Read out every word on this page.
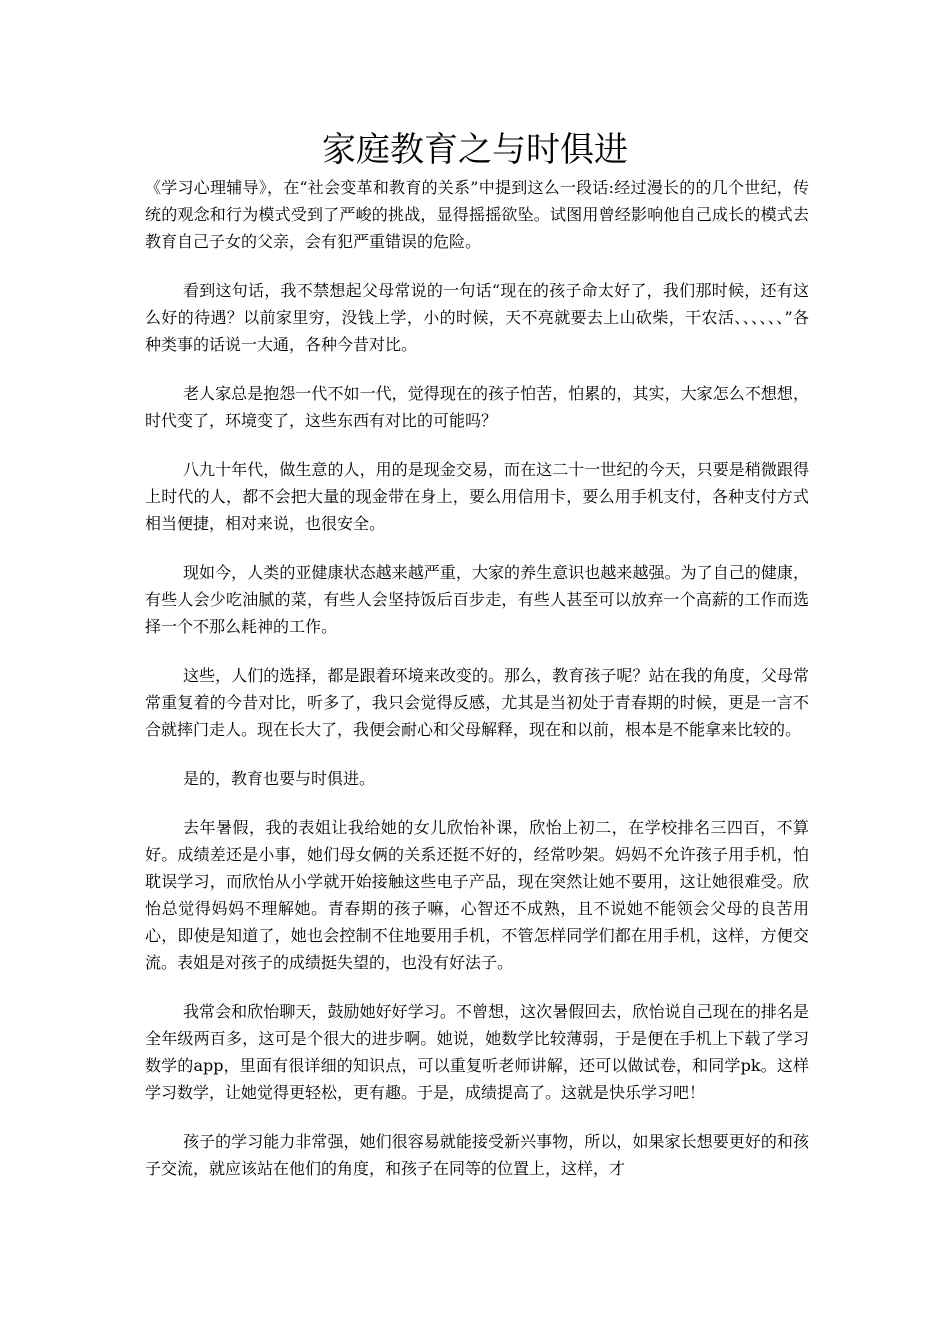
家庭教育之与时俱进

《学习心理辅导》，在“社会变革和教育的关系”中提到这么一段话:经过漫长的的几个世纪，传统的观念和行为模式受到了严峻的挑战，显得摇摇欲坠。试图用曾经影响他自己成长的模式去教育自己子女的父亲，会有犯严重错误的危险。

看到这句话，我不禁想起父母常说的一句话“现在的孩子命太好了，我们那时候，还有这么好的待遇？以前家里穷，没钱上学，小的时候，天不亮就要去上山砍柴，干农活、、、、、、”各种类事的话说一大通，各种今昔对比。

老人家总是抱怨一代不如一代，觉得现在的孩子怕苦，怕累的，其实，大家怎么不想想，时代变了，环境变了，这些东西有对比的可能吗？

八九十年代，做生意的人，用的是现金交易，而在这二十一世纪的今天，只要是稍微跟得上时代的人，都不会把大量的现金带在身上，要么用信用卡，要么用手机支付，各种支付方式相当便捷，相对来说，也很安全。

现如今，人类的亚健康状态越来越严重，大家的养生意识也越来越强。为了自己的健康，有些人会少吃油腻的菜，有些人会坚持饭后百步走，有些人甚至可以放弃一个高薪的工作而选择一个不那么耗神的工作。

这些，人们的选择，都是跟着环境来改变的。那么，教育孩子呢？站在我的角度，父母常常重复着的今昔对比，听多了，我只会觉得反感，尤其是当初处于青春期的时候，更是一言不合就摔门走人。现在长大了，我便会耐心和父母解释，现在和以前，根本是不能拿来比较的。

是的，教育也要与时俱进。

去年暑假，我的表姐让我给她的女儿欣怡补课，欣怡上初二，在学校排名三四百，不算好。成绩差还是小事，她们母女俩的关系还挺不好的，经常吵架。妈妈不允许孩子用手机，怕耽误学习，而欣怡从小学就开始接触这些电子产品，现在突然让她不要用，这让她很难受。欣怡总觉得妈妈不理解她。青春期的孩子嘛，心智还不成熟，且不说她不能领会父母的良苦用心，即使是知道了，她也会控制不住地要用手机，不管怎样同学们都在用手机，这样，方便交流。表姐是对孩子的成绩挺失望的，也没有好法子。

我常会和欣怡聊天，鼓励她好好学习。不曾想，这次暑假回去，欣怡说自己现在的排名是全年级两百多，这可是个很大的进步啊。她说，她数学比较薄弱，于是便在手机上下载了学习数学的app，里面有很详细的知识点，可以重复听老师讲解，还可以做试卷，和同学pk。这样学习数学，让她觉得更轻松，更有趣。于是，成绩提高了。这就是快乐学习吧！

孩子的学习能力非常强，她们很容易就能接受新兴事物，所以，如果家长想要更好的和孩子交流，就应该站在他们的角度，和孩子在同等的位置上，这样，才
